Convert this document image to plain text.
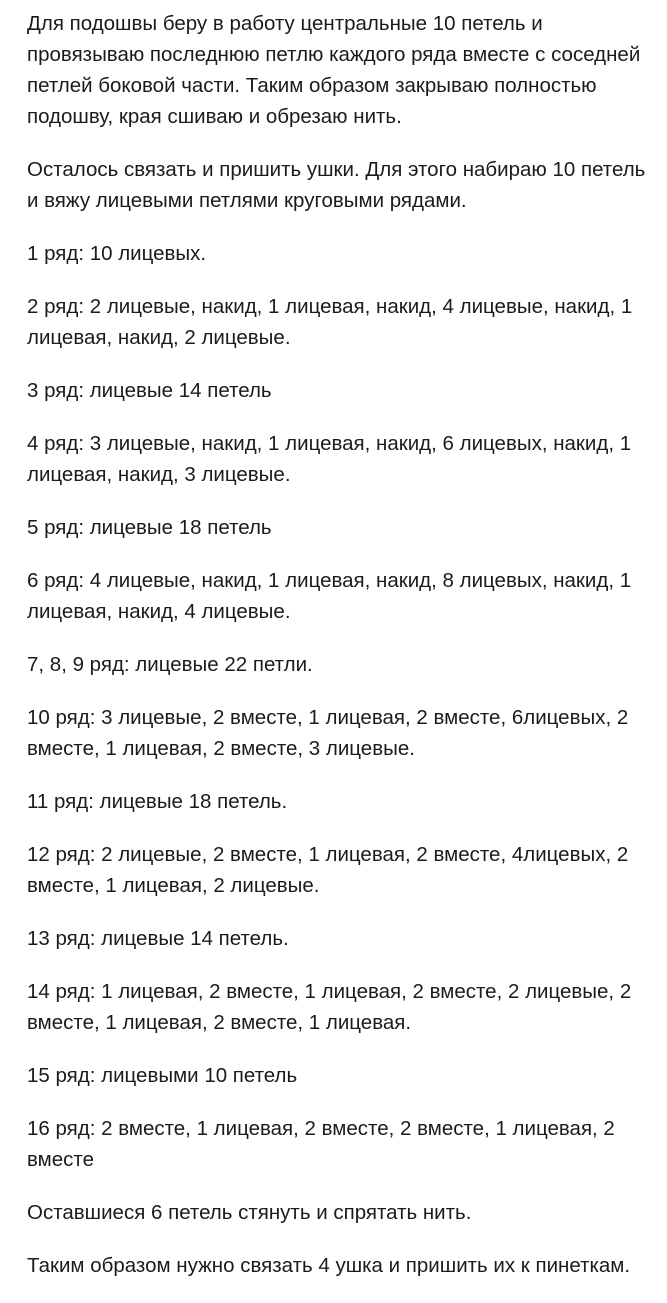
Для подошвы беру в работу центральные 10 петель и провязываю последнюю петлю каждого ряда вместе с соседней петлей боковой части. Таким образом закрываю полностью подошву, края сшиваю и обрезаю нить.

Осталось связать и пришить ушки. Для этого набираю 10 петель и вяжу лицевыми петлями круговыми рядами.

1 ряд: 10 лицевых.

2 ряд: 2 лицевые, накид, 1 лицевая, накид, 4 лицевые, накид, 1 лицевая, накид, 2 лицевые.

3 ряд: лицевые 14 петель

4 ряд: 3 лицевые, накид, 1 лицевая, накид, 6 лицевых, накид, 1 лицевая, накид, 3 лицевые.

5 ряд: лицевые 18 петель

6 ряд: 4 лицевые, накид, 1 лицевая, накид, 8 лицевых, накид, 1 лицевая, накид, 4 лицевые.

7, 8, 9 ряд: лицевые 22 петли.

10 ряд: 3 лицевые, 2 вместе, 1 лицевая, 2 вместе, 6лицевых, 2 вместе, 1 лицевая, 2 вместе, 3 лицевые.

11 ряд: лицевые 18 петель.

12 ряд: 2 лицевые, 2 вместе, 1 лицевая, 2 вместе, 4лицевых, 2 вместе, 1 лицевая, 2 лицевые.

13 ряд: лицевые 14 петель.

14 ряд: 1 лицевая, 2 вместе, 1 лицевая, 2 вместе, 2 лицевые, 2 вместе, 1 лицевая, 2 вместе, 1 лицевая.

15 ряд: лицевыми 10 петель

16 ряд: 2 вместе, 1 лицевая, 2 вместе, 2 вместе, 1 лицевая, 2 вместе

Оставшиеся 6 петель стянуть и спрятать нить.

Таким образом нужно связать 4 ушка и пришить их к пинеткам.
